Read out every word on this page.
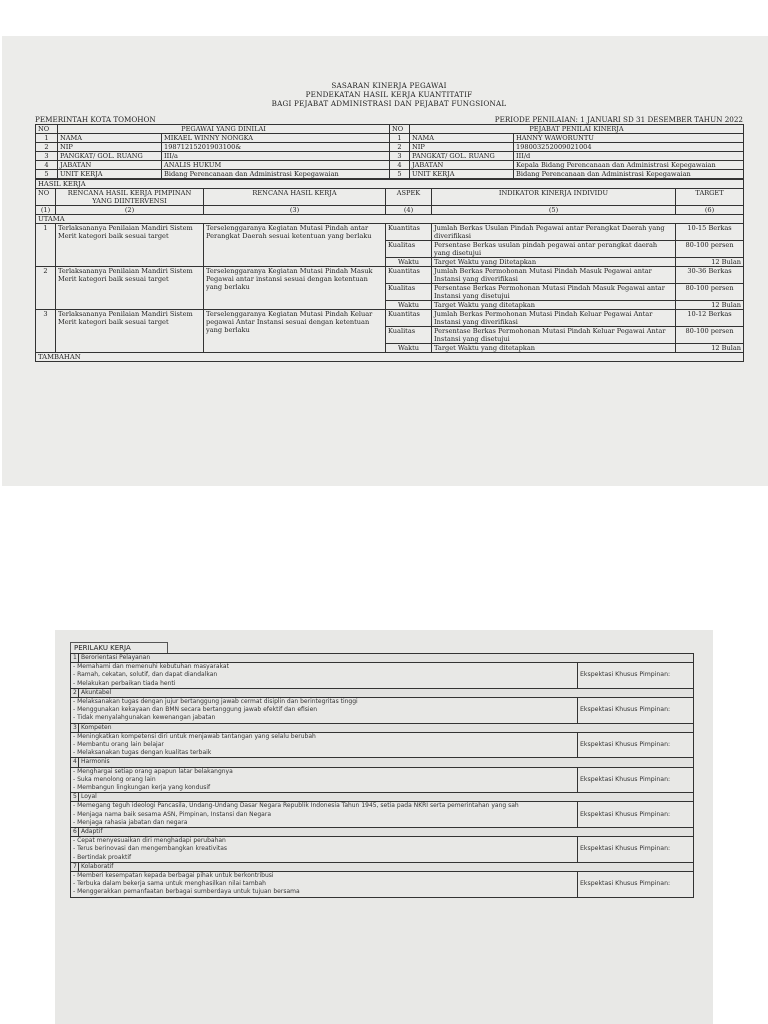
SASARAN KINERJA PEGAWAI
PENDEKATAN HASIL KERJA KUANTITATIF
BAGI PEJABAT ADMINISTRASI DAN PEJABAT FUNGSIONAL
PEMERINTAH KOTA TOMOHON	PERIODE PENILAIAN: 1 JANUARI SD 31 DESEMBER TAHUN 2022
NO	PEGAWAI YANG DINILAI		NO	PEJABAT PENILAI KINERJA	
1	NAMA	MIKAEL WINNY NONGKA	1	NAMA	HANNY WAWORUNTU
2	NIP	19871215201903100&	2	NIP	198003252009021004
3	PANGKAT/ GOL. RUANG	III/a	3	PANGKAT/ GOL. RUANG	III/d
4	JABATAN	ANALIS HUKUM	4	JABATAN	Kepala Bidang Perencanaan dan Administrasi Kepegawaian
5	UNIT KERJA	Bidang Perencanaan dan Administrasi Kepegawaian	5	UNIT KERJA	Bidang Perencanaan dan Administrasi Kepegawaian
HASIL KERJA					
NO	RENCANA HASIL KERJA PIMPINAN YANG DIINTERVENSI	RENCANA HASIL KERJA	ASPEK	INDIKATOR KINERJA INDIVIDU	TARGET
(1)	(2)	(3)	(4)	(5)	(6)
UTAMA					
1	Terlaksananya Penilaian Mandiri Sistem Merit kategori baik sesuai target	Terselenggaranya Kegiatan Mutasi Pindah antar Perangkat Daerah sesuai ketentuan yang berlaku	Kuantitas	Jumlah Berkas Usulan Pindah Pegawai antar Perangkat Daerah yang diverifikasi	10-15 Berkas
			Kualitas	Persentase Berkas usulan pindah pegawai antar perangkat daerah yang disetujui	80-100 persen
			Waktu	Target Waktu yang Ditetapkan	12 Bulan
2	Terlaksananya Penilaian Mandiri Sistem Merit kategori baik sesuai target	Terselenggaranya Kegiatan Mutasi Pindah Masuk Pegawai antar instansi sesuai dengan ketentuan yang berlaku	Kuantitas	Jumlah Berkas Permohonan Mutasi Pindah Masuk Pegawai antar Instansi yang diverifikasi	30-36 Berkas
			Kualitas	Persentase Berkas Permohonan Mutasi Pindah Masuk Pegawai antar Instansi yang disetujui	80-100 persen
			Waktu	Target Waktu yang ditetapkan	12 Bulan
3	Terlaksananya Penilaian Mandiri Sistem Merit kategori baik sesuai target	Terselenggaranya Kegiatan Mutasi Pindah Keluar pegawai Antar Instansi sesuai dengan ketentuan yang berlaku	Kuantitas	Jumlah Berkas Permohonan Mutasi Pindah Keluar Pegawai Antar Instansi yang diverifikasi	10-12 Berkas
			Kualitas	Persentase Berkas Permohonan Mutasi Pindah Keluar Pegawai Antar Instansi yang disetujui	80-100 persen
			Waktu	Target Waktu yang ditetapkan	12 Bulan
TAMBAHAN					
PERILAKU KERJA
1	Berorientasi Pelayanan	

- Memahami dan memenuhi kebutuhan masyarakat
- Ramah, cekatan, solutif, dan dapat diandalkan
- Melakukan perbaikan tiada henti		Ekspektasi Khusus Pimpinan:
2	Akuntabel	

- Melaksanakan tugas dengan jujur bertanggung jawab cermat disiplin dan berintegritas tinggi
- Menggunakan kekayaan dan BMN secara bertanggung jawab efektif dan efisien
- Tidak menyalahgunakan kewenangan jabatan		Ekspektasi Khusus Pimpinan:
3	Kompeten	

- Meningkatkan kompetensi diri untuk menjawab tantangan yang selalu berubah
- Membantu orang lain belajar
- Melaksanakan tugas dengan kualitas terbaik		Ekspektasi Khusus Pimpinan:
4	Harmonis	

- Menghargai setiap orang apapun latar belakangnya
- Suka menolong orang lain
- Membangun lingkungan kerja yang kondusif		Ekspektasi Khusus Pimpinan:
5	Loyal	

- Memegang teguh ideologi Pancasila, Undang-Undang Dasar Negara Republik Indonesia Tahun 1945, setia pada NKRI serta pemerintahan yang sah
- Menjaga nama baik sesama ASN, Pimpinan, Instansi dan Negara
- Menjaga rahasia jabatan dan negara		Ekspektasi Khusus Pimpinan:
6	Adaptif	

- Cepat menyesuaikan diri menghadapi perubahan
- Terus berinovasi dan mengembangkan kreativitas
- Bertindak proaktif		Ekspektasi Khusus Pimpinan:
7	Kolaboratif	

- Memberi kesempatan kepada berbagai pihak untuk berkontribusi
- Terbuka dalam bekerja sama untuk menghasilkan nilai tambah
- Menggerakkan pemanfaatan berbagai sumberdaya untuk tujuan bersama		Ekspektasi Khusus Pimpinan:
